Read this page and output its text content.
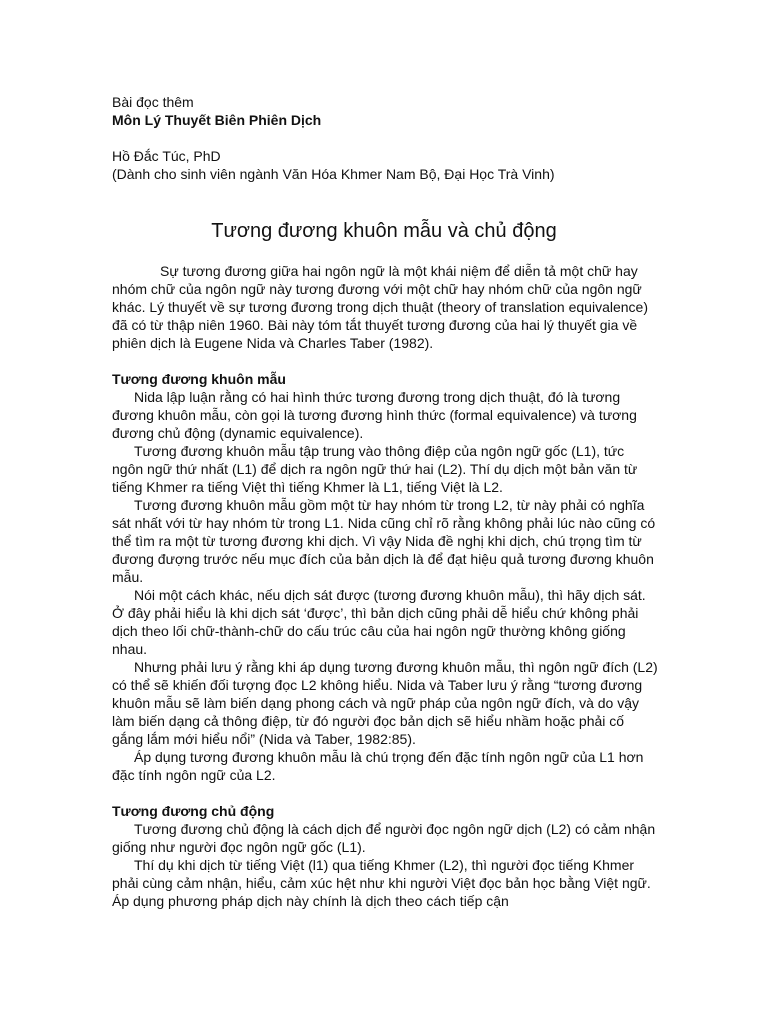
Bài đọc thêm
Môn Lý Thuyết Biên Phiên Dịch
Hồ Đắc Túc, PhD
(Dành cho sinh viên ngành Văn Hóa Khmer Nam Bộ, Đại Học Trà Vinh)
Tương đương khuôn mẫu và chủ động

Sự tương đương giữa hai ngôn ngữ là một khái niệm để diễn tả một chữ hay nhóm chữ của ngôn ngữ này tương đương với một chữ hay nhóm chữ của ngôn ngữ khác. Lý thuyết về sự tương đương trong dịch thuật (theory of translation equivalence) đã có từ thập niên 1960. Bài này tóm tắt thuyết tương đương của hai lý thuyết gia về phiên dịch là Eugene Nida và Charles Taber (1982).

Tương đương khuôn mẫu

Nida lập luận rằng có hai hình thức tương đương trong dịch thuật, đó là tương đương khuôn mẫu, còn gọi là tương đương hình thức (formal equivalence) và tương đương chủ động (dynamic equivalence).

Tương đương khuôn mẫu tập trung vào thông điệp của ngôn ngữ gốc (L1), tức ngôn ngữ thứ nhất (L1) để dịch ra ngôn ngữ thứ hai (L2). Thí dụ dịch một bản văn từ tiếng Khmer ra tiếng Việt thì tiếng Khmer là L1, tiếng Việt là L2.

Tương đương khuôn mẫu gồm một từ hay nhóm từ trong L2, từ này phải có nghĩa sát nhất với từ hay nhóm từ trong L1. Nida cũng chỉ rõ rằng không phải lúc nào cũng có thể tìm ra một từ tương đương khi dịch. Vì vậy Nida đề nghị khi dịch, chú trọng tìm từ đương đượng trước nếu mục đích của bản dịch là để đạt hiệu quả tương đương khuôn mẫu.

Nói một cách khác, nếu dịch sát được (tương đương khuôn mẫu), thì hãy dịch sát. Ở đây phải hiểu là khi dịch sát ‘được’, thì bản dịch cũng phải dễ hiểu chứ không phải dịch theo lối chữ-thành-chữ do cấu trúc câu của hai ngôn ngữ thường không giống nhau.

Nhưng phải lưu ý rằng khi áp dụng tương đương khuôn mẫu, thì ngôn ngữ đích (L2) có thể sẽ khiến đối tượng đọc L2 không hiểu. Nida và Taber lưu ý rằng “tương đương khuôn mẫu sẽ làm biến dạng phong cách và ngữ pháp của ngôn ngữ đích, và do vậy làm biến dạng cả thông điệp, từ đó người đọc bản dịch sẽ hiểu nhầm hoặc phải cố gắng lắm mới hiểu nổi” (Nida và Taber, 1982:85).

Áp dụng tương đương khuôn mẫu là chú trọng đến đặc tính ngôn ngữ của L1 hơn đặc tính ngôn ngữ của L2.

Tương đương chủ động

Tương đương chủ động là cách dịch để người đọc ngôn ngữ dịch (L2) có cảm nhận giống như người đọc ngôn ngữ gốc (L1).

Thí dụ khi dịch từ tiếng Việt (l1) qua tiếng Khmer (L2), thì người đọc tiếng Khmer phải cùng cảm nhận, hiểu, cảm xúc hệt như khi người Việt đọc bản học bằng Việt ngữ. Áp dụng phương pháp dịch này chính là dịch theo cách tiếp cận
